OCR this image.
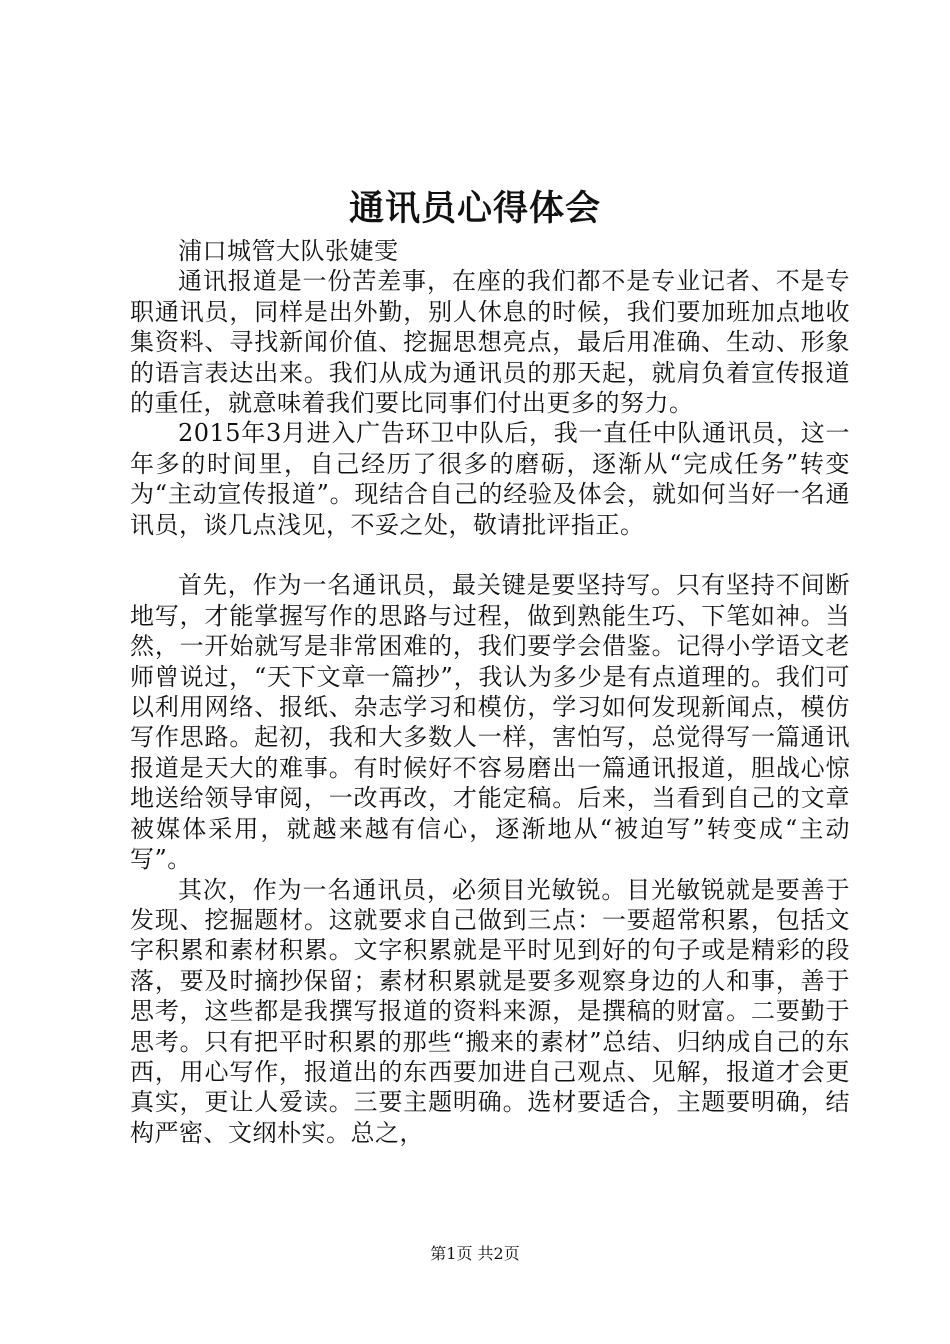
通讯员心得体会

浦口城管大队张婕雯

通讯报道是一份苦差事，在座的我们都不是专业记者、不是专职通讯员，同样是出外勤，别人休息的时候，我们要加班加点地收集资料、寻找新闻价值、挖掘思想亮点，最后用准确、生动、形象的语言表达出来。我们从成为通讯员的那天起，就肩负着宣传报道的重任，就意味着我们要比同事们付出更多的努力。

2015年3月进入广告环卫中队后，我一直任中队通讯员，这一年多的时间里，自己经历了很多的磨砺，逐渐从“完成任务”转变为“主动宣传报道”。现结合自己的经验及体会，就如何当好一名通讯员，谈几点浅见，不妥之处，敬请批评指正。

首先，作为一名通讯员，最关键是要坚持写。只有坚持不间断地写，才能掌握写作的思路与过程，做到熟能生巧、下笔如神。当然，一开始就写是非常困难的，我们要学会借鉴。记得小学语文老师曾说过，“天下文章一篇抄”，我认为多少是有点道理的。我们可以利用网络、报纸、杂志学习和模仿，学习如何发现新闻点，模仿写作思路。起初，我和大多数人一样，害怕写，总觉得写一篇通讯报道是天大的难事。有时候好不容易磨出一篇通讯报道，胆战心惊地送给领导审阅，一改再改，才能定稿。后来，当看到自己的文章被媒体采用，就越来越有信心，逐渐地从“被迫写”转变成“主动写”。

其次，作为一名通讯员，必须目光敏锐。目光敏锐就是要善于发现、挖掘题材。这就要求自己做到三点：一要超常积累，包括文字积累和素材积累。文字积累就是平时见到好的句子或是精彩的段落，要及时摘抄保留；素材积累就是要多观察身边的人和事，善于思考，这些都是我撰写报道的资料来源，是撰稿的财富。二要勤于思考。只有把平时积累的那些“搬来的素材”总结、归纳成自己的东西，用心写作，报道出的东西要加进自己观点、见解，报道才会更真实，更让人爱读。三要主题明确。选材要适合，主题要明确，结构严密、文纲朴实。总之，

第1页 共2页
